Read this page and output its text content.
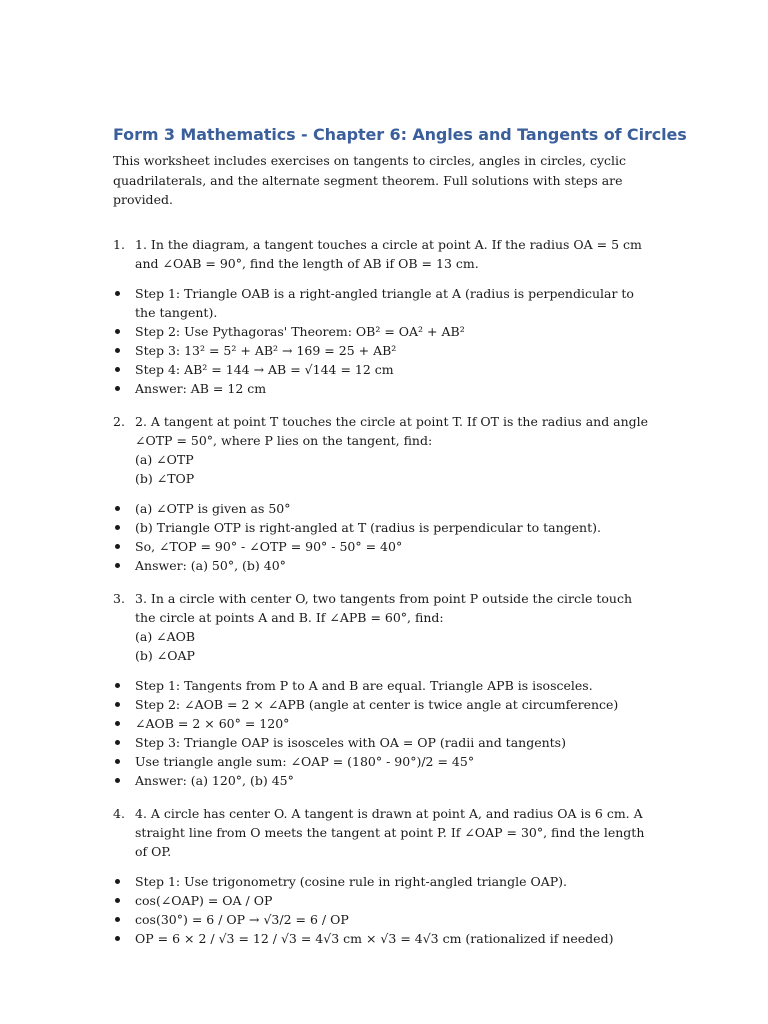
Form 3 Mathematics - Chapter 6: Angles and Tangents of Circles

This worksheet includes exercises on tangents to circles, angles in circles, cyclic quadrilaterals, and the alternate segment theorem. Full solutions with steps are provided.

1. 1. In the diagram, a tangent touches a circle at point A. If the radius OA = 5 cm and ∠OAB = 90°, find the length of AB if OB = 13 cm.
Step 1: Triangle OAB is a right-angled triangle at A (radius is perpendicular to the tangent).
Step 2: Use Pythagoras' Theorem: OB² = OA² + AB²
Step 3: 13² = 5² + AB² → 169 = 25 + AB²
Step 4: AB² = 144 → AB = √144 = 12 cm
Answer: AB = 12 cm
2. 2. A tangent at point T touches the circle at point T. If OT is the radius and angle ∠OTP = 50°, where P lies on the tangent, find:
(a) ∠OTP
(b) ∠TOP
(a) ∠OTP is given as 50°
(b) Triangle OTP is right-angled at T (radius is perpendicular to tangent).
So, ∠TOP = 90° - ∠OTP = 90° - 50° = 40°
Answer: (a) 50°, (b) 40°
3. 3. In a circle with center O, two tangents from point P outside the circle touch the circle at points A and B. If ∠APB = 60°, find:
(a) ∠AOB
(b) ∠OAP
Step 1: Tangents from P to A and B are equal. Triangle APB is isosceles.
Step 2: ∠AOB = 2 × ∠APB (angle at center is twice angle at circumference)
∠AOB = 2 × 60° = 120°
Step 3: Triangle OAP is isosceles with OA = OP (radii and tangents)
Use triangle angle sum: ∠OAP = (180° - 90°)/2 = 45°
Answer: (a) 120°, (b) 45°
4. 4. A circle has center O. A tangent is drawn at point A, and radius OA is 6 cm. A straight line from O meets the tangent at point P. If ∠OAP = 30°, find the length of OP.
Step 1: Use trigonometry (cosine rule in right-angled triangle OAP).
cos(∠OAP) = OA / OP
cos(30°) = 6 / OP → √3/2 = 6 / OP
OP = 6 × 2 / √3 = 12 / √3 = 4√3 cm × √3 = 4√3 cm (rationalized if needed)
